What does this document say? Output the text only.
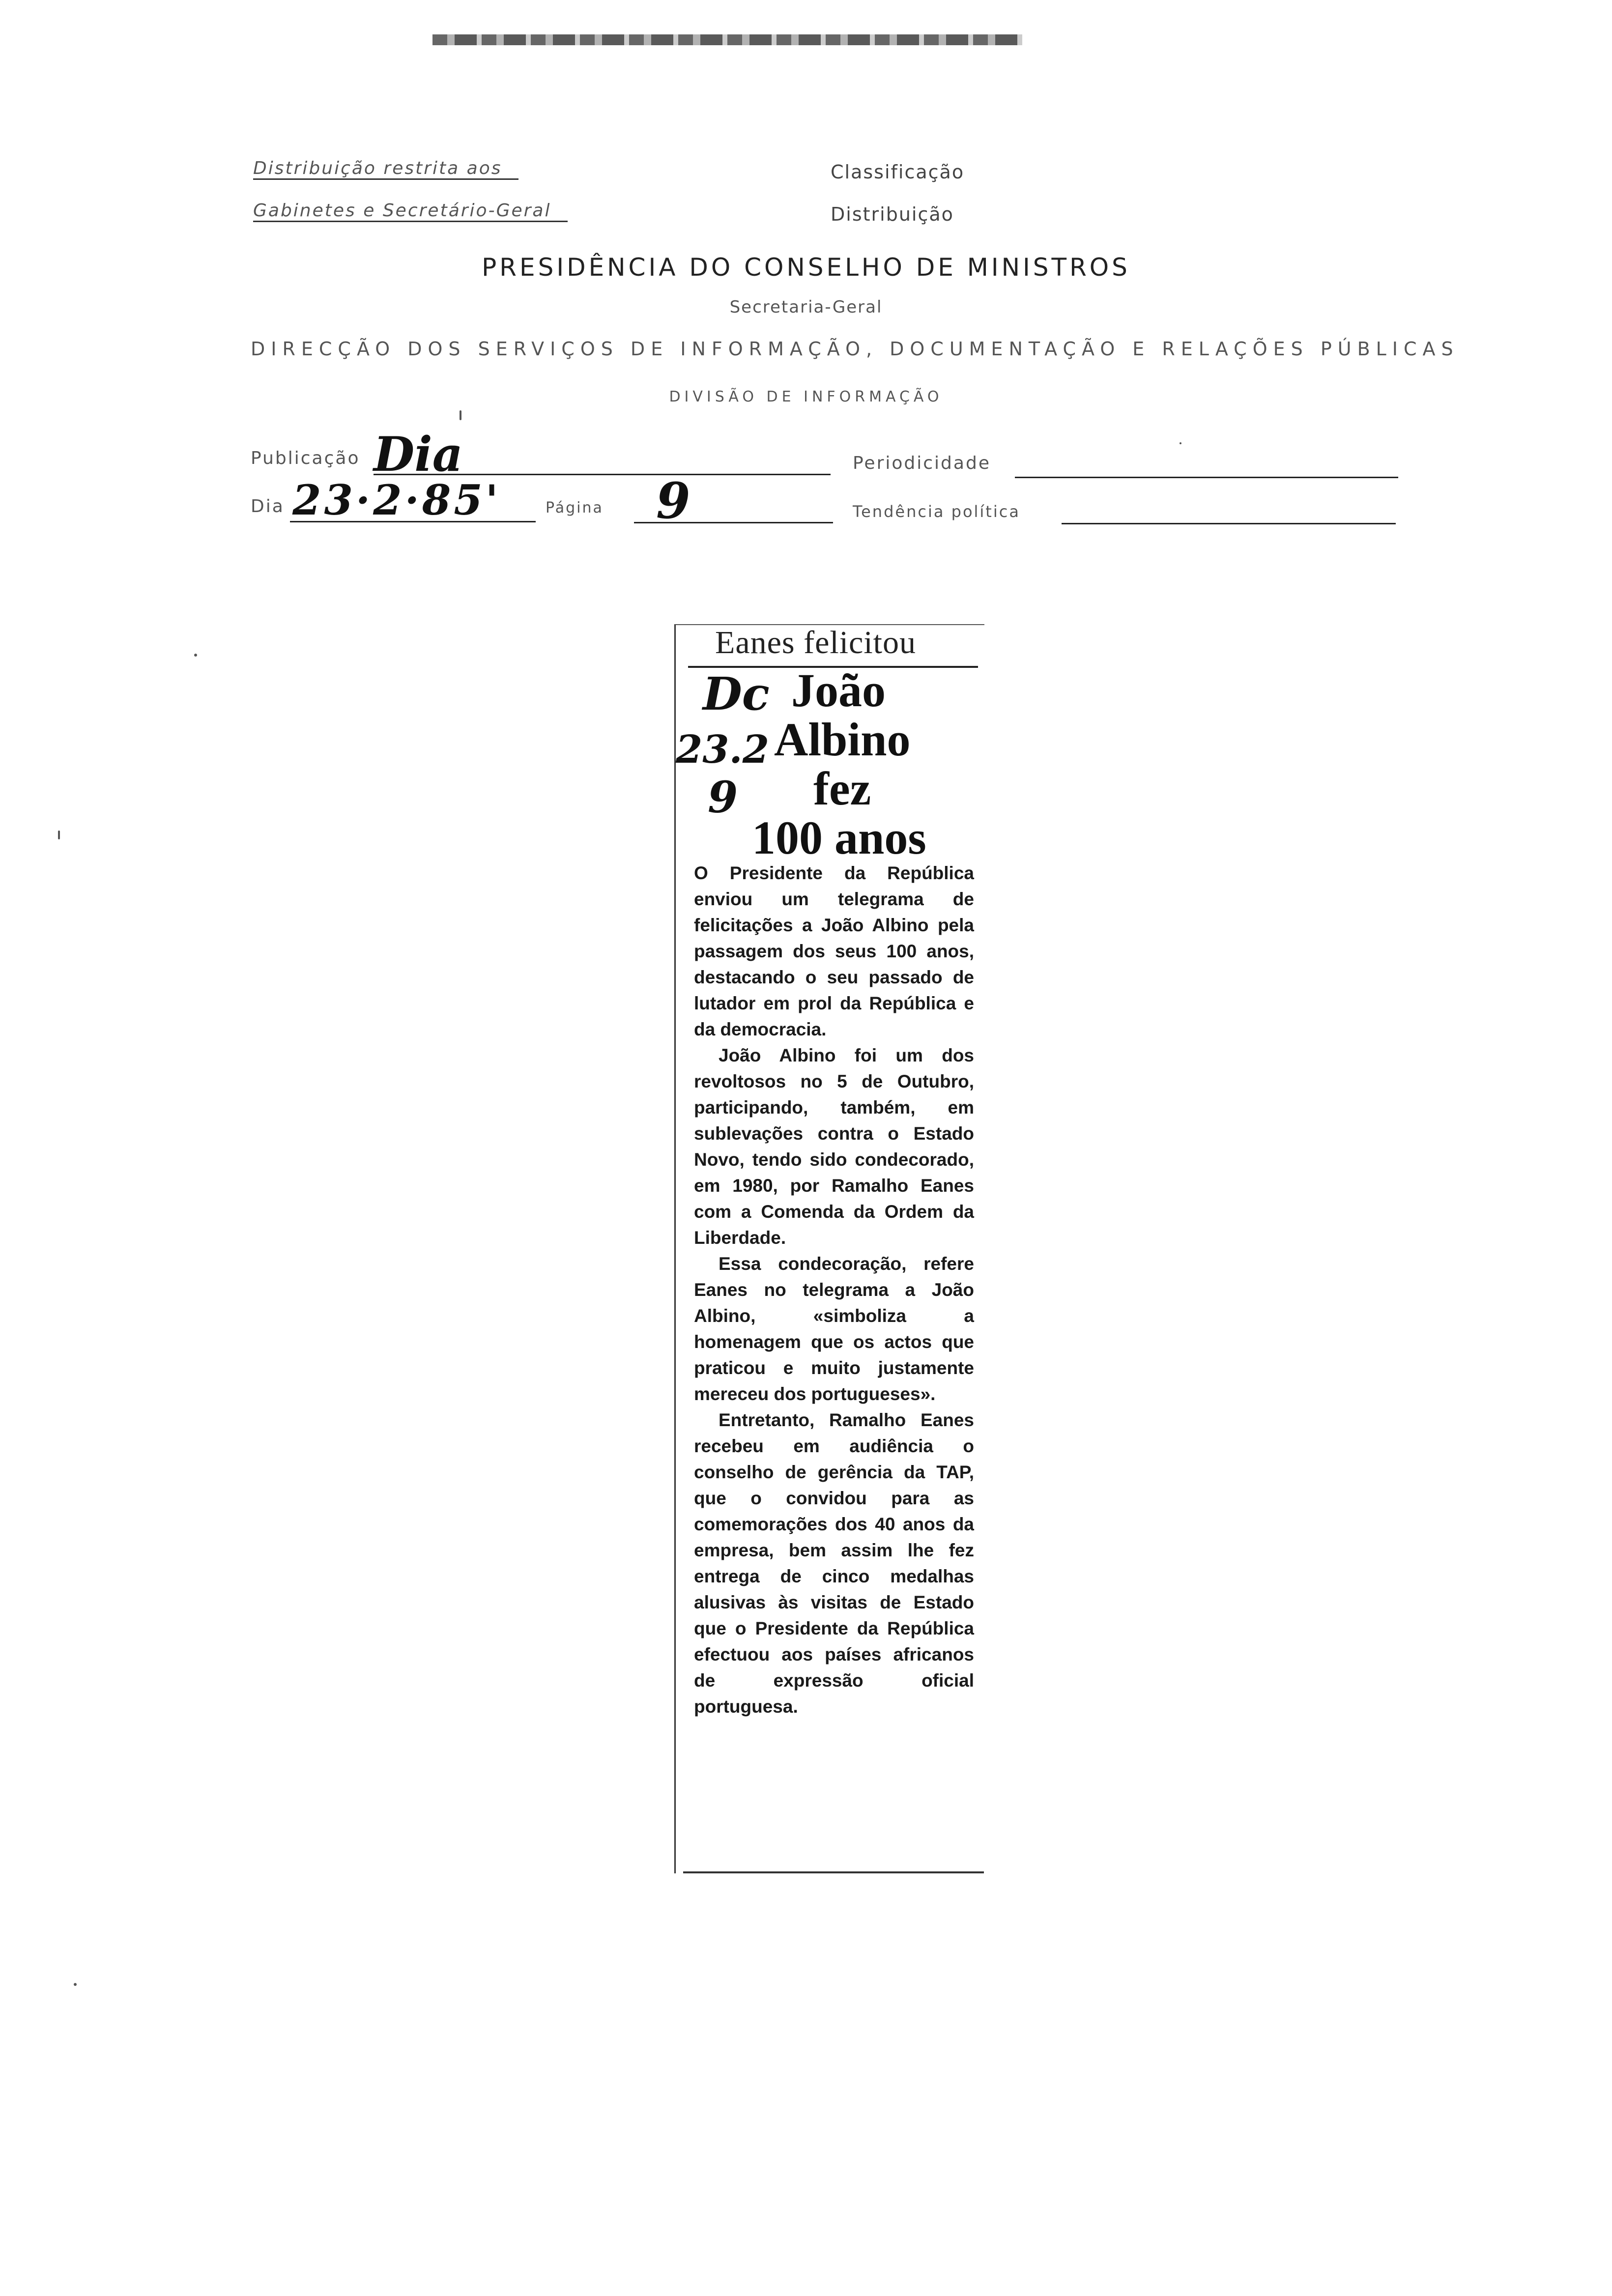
Distribuição restrita aos
Gabinetes e Secretário-Geral
Classificação
Distribuição
PRESIDÊNCIA DO CONSELHO DE MINISTROS
Secretaria-Geral
DIRECÇÃO DOS SERVIÇOS DE INFORMAÇÃO, DOCUMENTAÇÃO E RELAÇÕES PÚBLICAS
DIVISÃO DE INFORMAÇÃO
Publicação Dia	Periodicidade
Dia 23·2·85'	Página 9	Tendência política
Eanes felicitou
João
Albino
fez
100 anos
Dc
23.2
9

O Presidente da República enviou um telegrama de felicitações a João Albino pela passagem dos seus 100 anos, destacando o seu passado de lutador em prol da República e da democracia.

João Albino foi um dos revoltosos no 5 de Outubro, participando, também, em sublevações contra o Estado Novo, tendo sido condecorado, em 1980, por Ramalho Eanes com a Comenda da Ordem da Liberdade.

Essa condecoração, refere Eanes no telegrama a João Albino, «simboliza a homenagem que os actos que praticou e muito justamente mereceu dos portugueses».

Entretanto, Ramalho Eanes recebeu em audiência o conselho de gerência da TAP, que o convidou para as comemorações dos 40 anos da empresa, bem assim lhe fez entrega de cinco medalhas alusivas às visitas de Estado que o Presidente da República efectuou aos países africanos de expressão oficial portuguesa.
